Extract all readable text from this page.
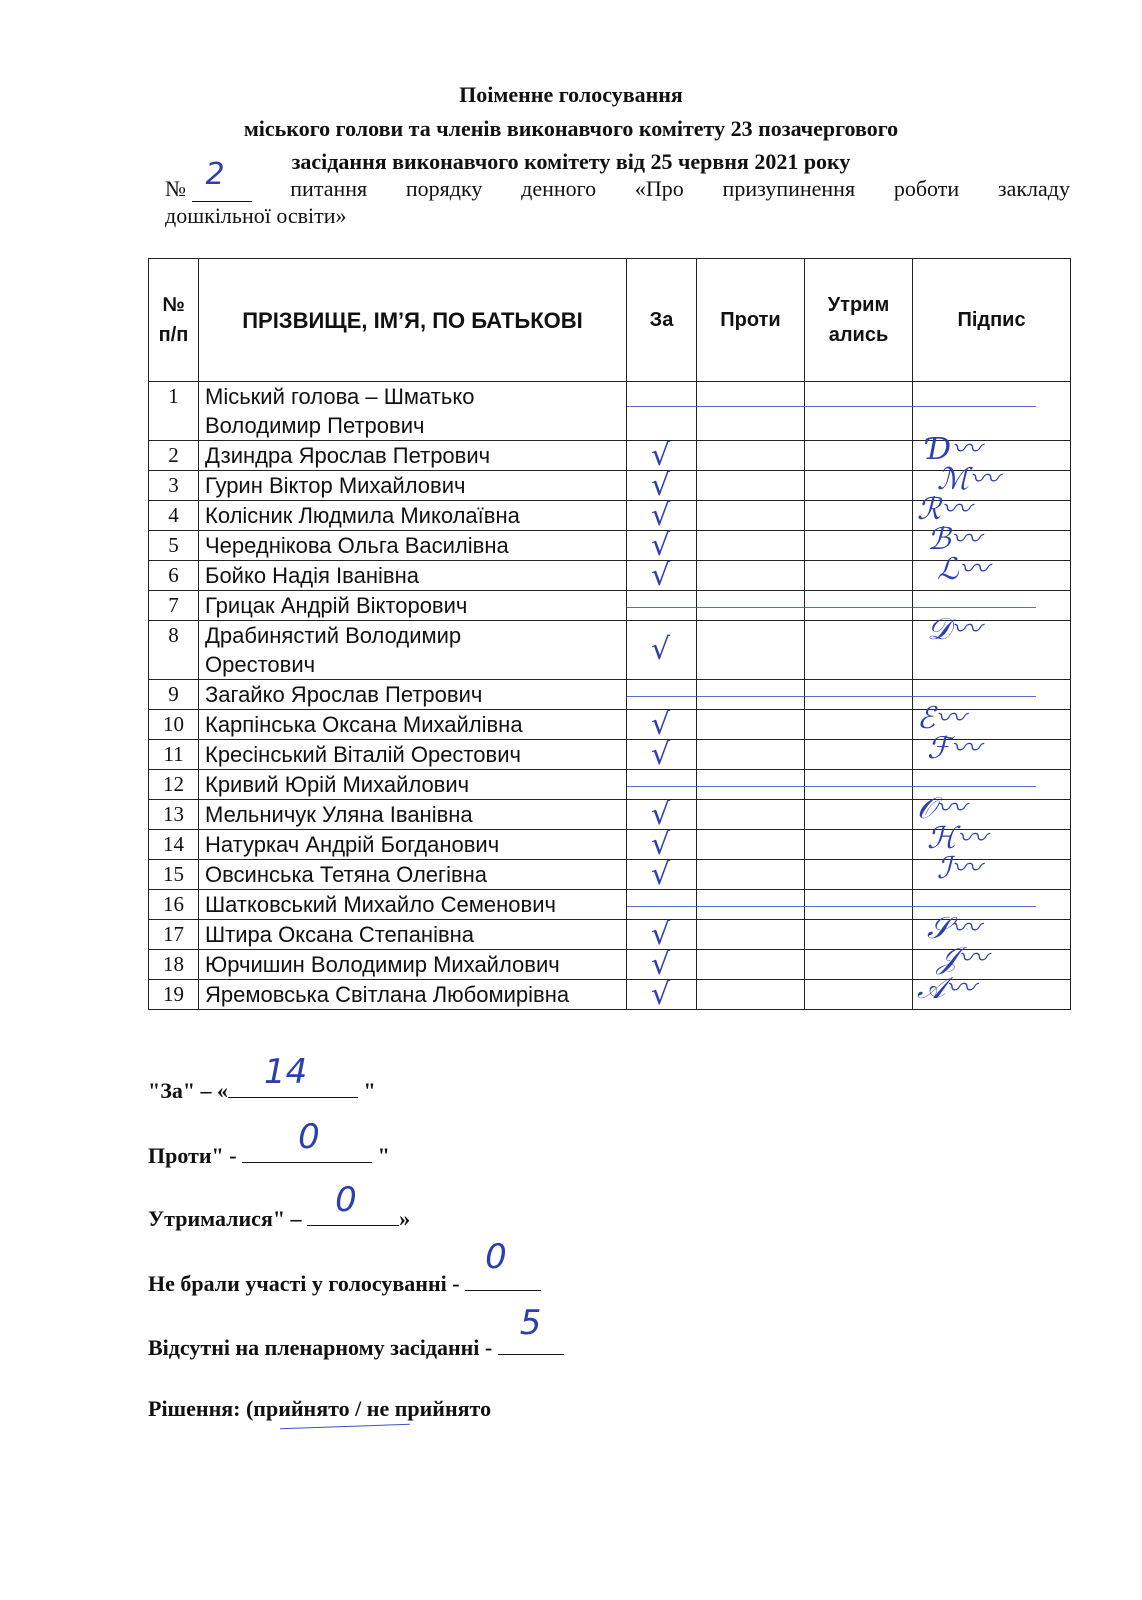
Поіменне голосування
міського голови та членів виконавчого комітету 23 позачергового
засідання виконавчого комітету від 25 червня 2021 року
№ 2	питання порядку денного «Про призупинення роботи закладу
дошкільної освіти»
№ п/п	ПРІЗВИЩЕ, ІМ’Я, ПО БАТЬКОВІ	За	Проти	Утрим ались	Підпис
1	Міський голова – Шматько
Володимир Петрович				

2	Дзиндра Ярослав Петрович	√			Ɗ〰

3	Гурин Віктор Михайлович	√			ℳ〰

4	Колісник Людмила Миколаївна	√			ℛ〰

5	Череднікова Ольга Василівна	√			ℬ〰

6	Бойко Надія Іванівна	√			ℒ〰

7	Грицак Андрій Вікторович				

8	Драбинястий Володимир
Орестович	√			𝒟〰

9	Загайко Ярослав Петрович				

10	Карпінська Оксана Михайлівна	√			ℰ〰

11	Кресінський Віталій Орестович	√			ℱ〰

12	Кривий Юрій Михайлович				

13	Мельничук Уляна Іванівна	√			𝒪〰

14	Натуркач Андрій Богданович	√			ℋ〰

15	Овсинська Тетяна Олегівна	√			ℐ〰

16	Шатковський Михайло Семенович				

17	Штира Оксана Степанівна	√			𝒮〰

18	Юрчишин Володимир Михайлович	√			𝒥〰

19	Яремовська Світлана Любомирівна	√			𝒜〰
"За" – « 14 "
Проти" - 0 "
Утрималися" – 0 »
Не брали участі у голосуванні -
0
Відсутні на пленарному засіданні -
5
Рішення: (прийнято / не прийнято
